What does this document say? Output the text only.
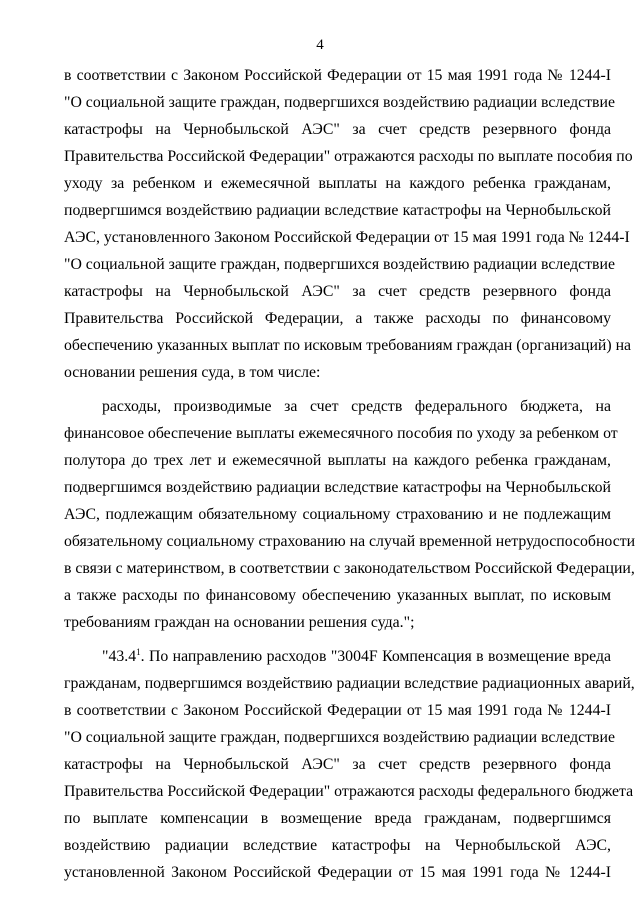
4
в соответствии с Законом Российской Федерации от 15 мая 1991 года № 1244-I
"О социальной защите граждан, подвергшихся воздействию радиации вследствие
катастрофы на Чернобыльской АЭС" за счет средств резервного фонда
Правительства Российской Федерации" отражаются расходы по выплате пособия по
уходу за ребенком и ежемесячной выплаты на каждого ребенка гражданам,
подвергшимся воздействию радиации вследствие катастрофы на Чернобыльской
АЭС, установленного Законом Российской Федерации от 15 мая 1991 года № 1244-I
"О социальной защите граждан, подвергшихся воздействию радиации вследствие
катастрофы на Чернобыльской АЭС" за счет средств резервного фонда
Правительства Российской Федерации, а также расходы по финансовому
обеспечению указанных выплат по исковым требованиям граждан (организаций) на
основании решения суда, в том числе:
расходы, производимые за счет средств федерального бюджета, на
финансовое обеспечение выплаты ежемесячного пособия по уходу за ребенком от
полутора до трех лет и ежемесячной выплаты на каждого ребенка гражданам,
подвергшимся воздействию радиации вследствие катастрофы на Чернобыльской
АЭС, подлежащим обязательному социальному страхованию и не подлежащим
обязательному социальному страхованию на случай временной нетрудоспособности
в связи с материнством, в соответствии с законодательством Российской Федерации,
а также расходы по финансовому обеспечению указанных выплат, по исковым
требованиям граждан на основании решения суда.";
"43.4$^1$. По направлению расходов "3004F Компенсация в возмещение вреда
гражданам, подвергшимся воздействию радиации вследствие радиационных аварий,
в соответствии с Законом Российской Федерации от 15 мая 1991 года № 1244-I
"О социальной защите граждан, подвергшихся воздействию радиации вследствие
катастрофы на Чернобыльской АЭС" за счет средств резервного фонда
Правительства Российской Федерации" отражаются расходы федерального бюджета
по выплате компенсации в возмещение вреда гражданам, подвергшимся
воздействию радиации вследствие катастрофы на Чернобыльской АЭС,
установленной Законом Российской Федерации от 15 мая 1991 года № 1244-I
